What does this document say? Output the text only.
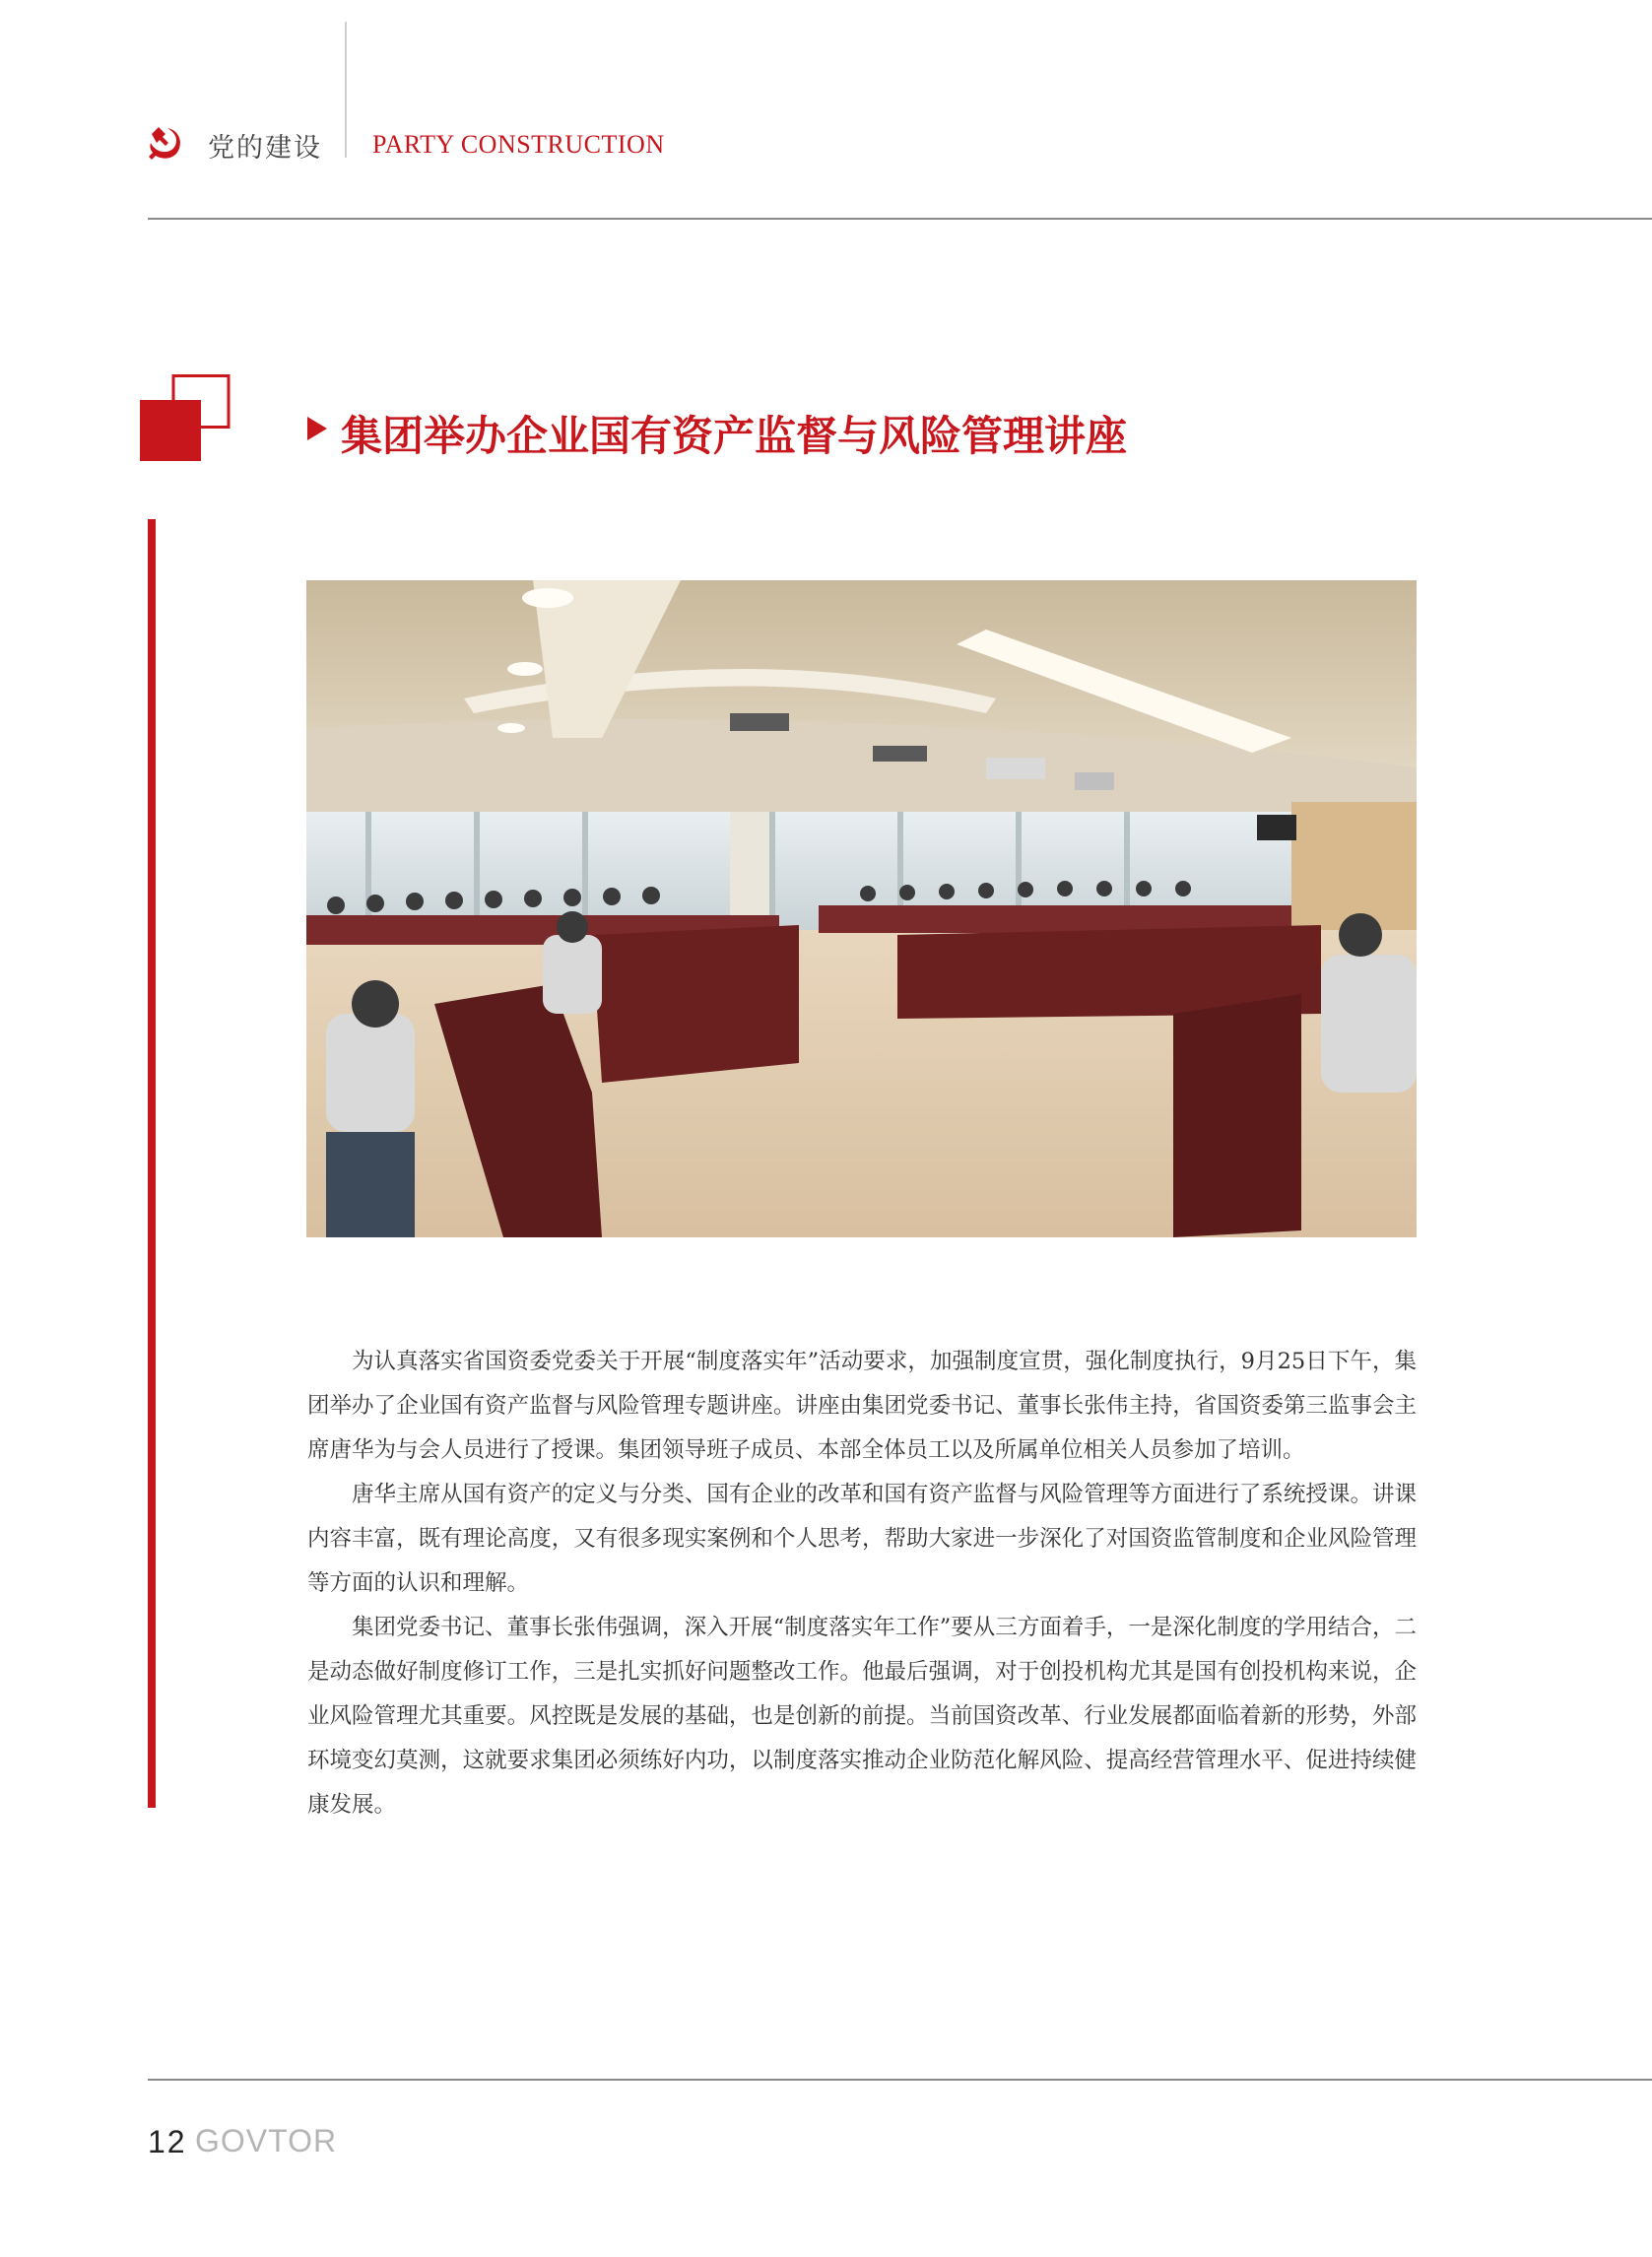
党的建设 PARTY CONSTRUCTION
集团举办企业国有资产监督与风险管理讲座

为认真落实省国资委党委关于开展“制度落实年”活动要求，加强制度宣贯，强化制度执行，9月25日下午，集团举办了企业国有资产监督与风险管理专题讲座。讲座由集团党委书记、董事长张伟主持，省国资委第三监事会主席唐华为与会人员进行了授课。集团领导班子成员、本部全体员工以及所属单位相关人员参加了培训。

唐华主席从国有资产的定义与分类、国有企业的改革和国有资产监督与风险管理等方面进行了系统授课。讲课内容丰富，既有理论高度，又有很多现实案例和个人思考，帮助大家进一步深化了对国资监管制度和企业风险管理等方面的认识和理解。

集团党委书记、董事长张伟强调，深入开展“制度落实年工作”要从三方面着手，一是深化制度的学用结合，二是动态做好制度修订工作，三是扎实抓好问题整改工作。他最后强调，对于创投机构尤其是国有创投机构来说，企业风险管理尤其重要。风控既是发展的基础，也是创新的前提。当前国资改革、行业发展都面临着新的形势，外部环境变幻莫测，这就要求集团必须练好内功，以制度落实推动企业防范化解风险、提高经营管理水平、促进持续健康发展。

12 GOVTOR
